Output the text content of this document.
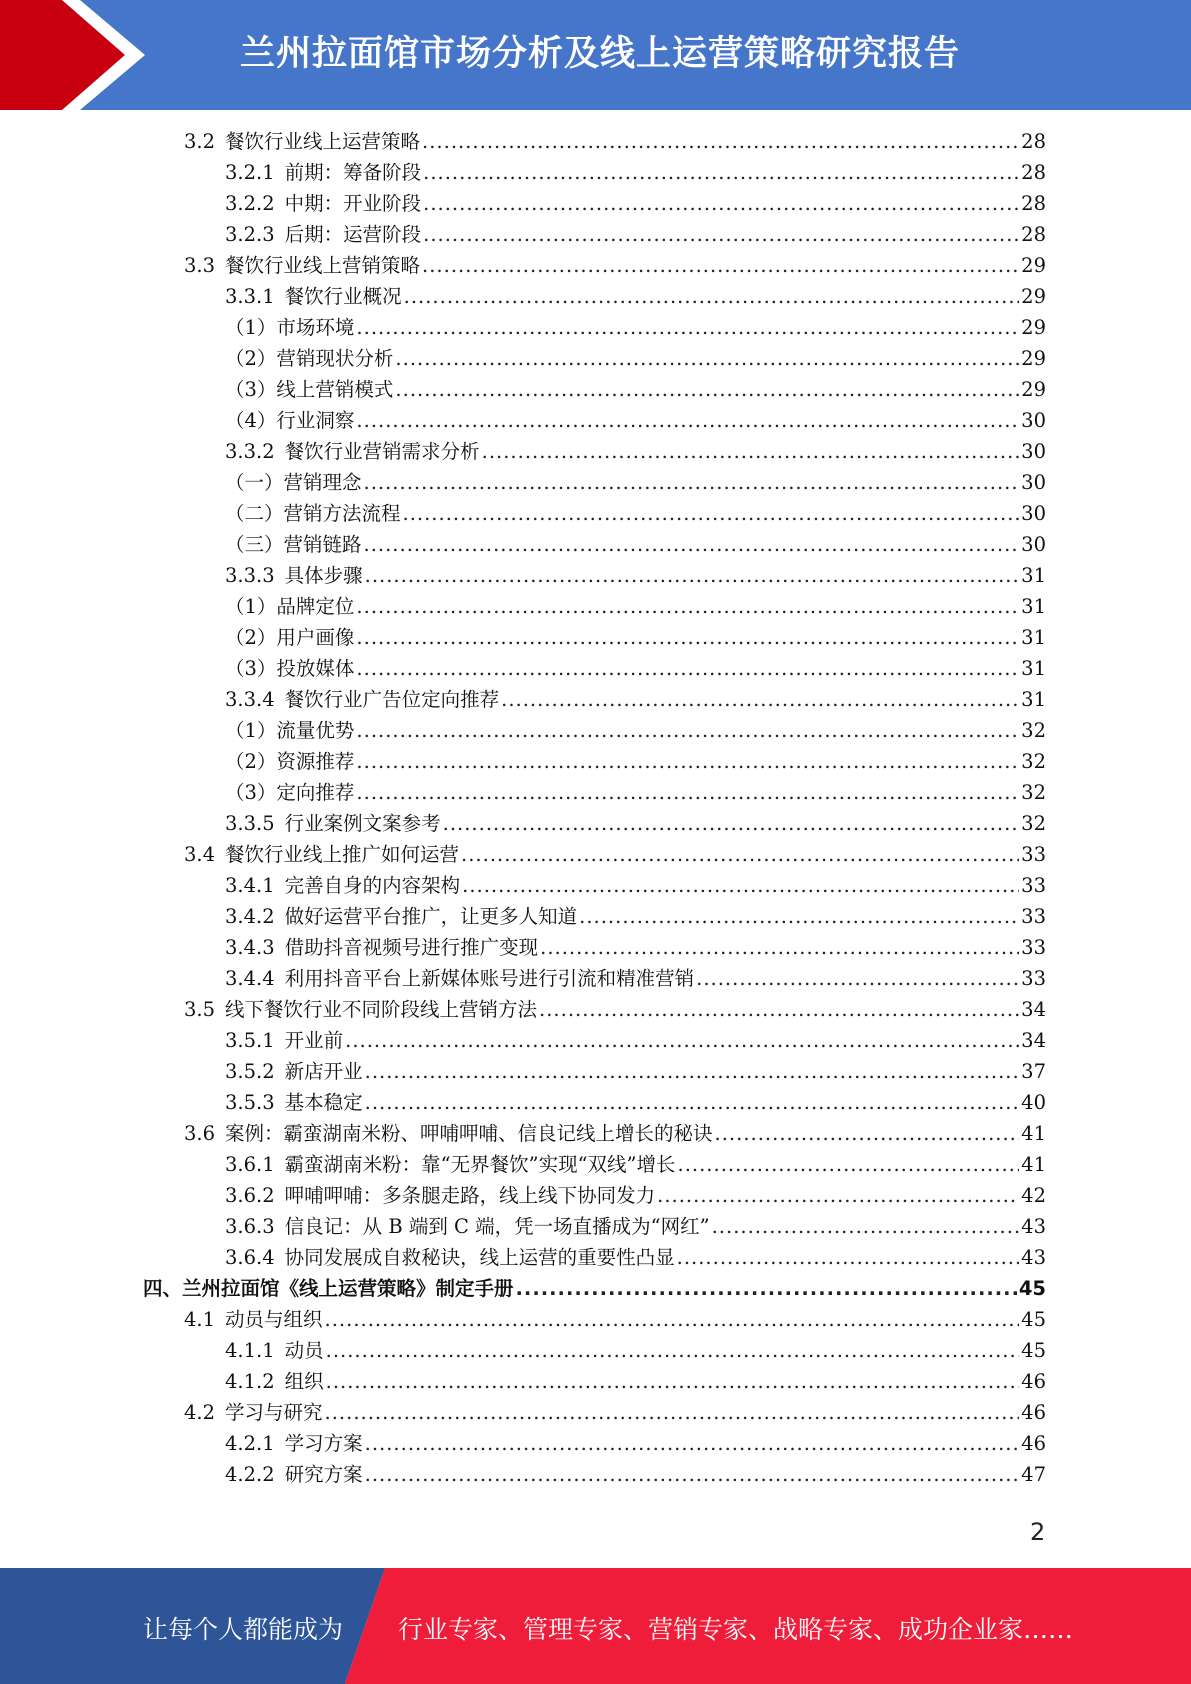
兰州拉面馆市场分析及线上运营策略研究报告
3.2 餐饮行业线上运营策略 .....	28
3.2.1 前期：筹备阶段 .....	28
3.2.2 中期：开业阶段 .....	28
3.2.3 后期：运营阶段 .....	28
3.3 餐饮行业线上营销策略 .....	29
3.3.1 餐饮行业概况 .....	29
（1）市场环境 .....	29
（2）营销现状分析 .....	29
（3）线上营销模式 .....	29
（4）行业洞察 .....	30
3.3.2 餐饮行业营销需求分析 .....	30
（一）营销理念 .....	30
（二）营销方法流程 .....	30
（三）营销链路 .....	30
3.3.3 具体步骤 .....	31
（1）品牌定位 .....	31
（2）用户画像 .....	31
（3）投放媒体 .....	31
3.3.4 餐饮行业广告位定向推荐 .....	31
（1）流量优势 .....	32
（2）资源推荐 .....	32
（3）定向推荐 .....	32
3.3.5 行业案例文案参考 .....	32
3.4 餐饮行业线上推广如何运营 .....	33
3.4.1 完善自身的内容架构 .....	33
3.4.2 做好运营平台推广，让更多人知道 .....	33
3.4.3 借助抖音视频号进行推广变现 .....	33
3.4.4 利用抖音平台上新媒体账号进行引流和精准营销 .....	33
3.5 线下餐饮行业不同阶段线上营销方法 .....	34
3.5.1 开业前 .....	34
3.5.2 新店开业 .....	37
3.5.3 基本稳定 .....	40
3.6 案例：霸蛮湖南米粉、呷哺呷哺、信良记线上增长的秘诀 .....	41
3.6.1 霸蛮湖南米粉：靠“无界餐饮”实现“双线”增长 .....	41
3.6.2 呷哺呷哺：多条腿走路，线上线下协同发力 .....	42
3.6.3 信良记：从 B 端到 C 端，凭一场直播成为“网红” .....	43
3.6.4 协同发展成自救秘诀，线上运营的重要性凸显 .....	43
四、兰州拉面馆《线上运营策略》制定手册 .....	45
4.1 动员与组织 .....	45
4.1.1 动员 .....	45
4.1.2 组织 .....	46
4.2 学习与研究 .....	46
4.2.1 学习方案 .....	46
4.2.2 研究方案 .....	47
2
让每个人都能成为 行业专家、管理专家、营销专家、战略专家、成功企业家……
